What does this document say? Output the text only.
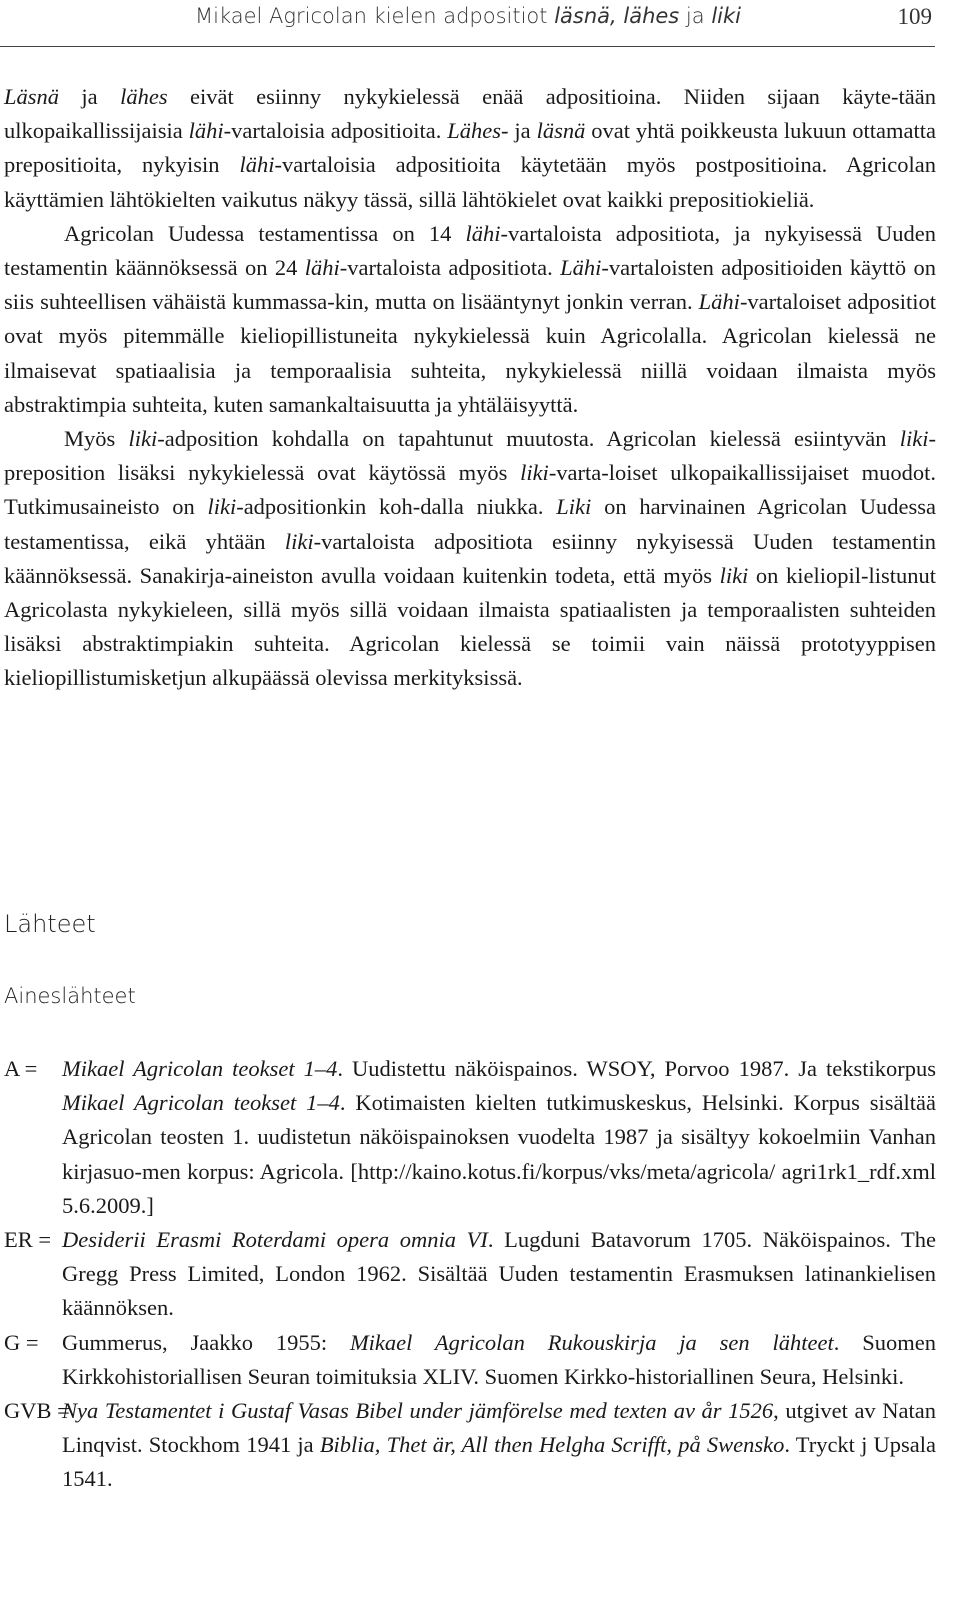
Mikael Agricolan kielen adpositiot läsnä, lähes ja liki	109

Läsnä ja lähes eivät esiinny nykykielessä enää adpositioina. Niiden sijaan käyte-tään ulkopaikallissijaisia lähi-vartaloisia adpositioita. Lähes- ja läsnä ovat yhtä poikkeusta lukuun ottamatta prepositioita, nykyisin lähi-vartaloisia adpositioita käytetään myös postpositioina. Agricolan käyttämien lähtökielten vaikutus näkyy tässä, sillä lähtökielet ovat kaikki prepositiokieliä.

Agricolan Uudessa testamentissa on 14 lähi-vartaloista adpositiota, ja nykyisessä Uuden testamentin käännöksessä on 24 lähi-vartaloista adpositiota. Lähi-vartaloisten adpositioiden käyttö on siis suhteellisen vähäistä kummassa-kin, mutta on lisääntynyt jonkin verran. Lähi-vartaloiset adpositiot ovat myös pitemmälle kieliopillistuneita nykykielessä kuin Agricolalla. Agricolan kielessä ne ilmaisevat spatiaalisia ja temporaalisia suhteita, nykykielessä niillä voidaan ilmaista myös abstraktimpia suhteita, kuten samankaltaisuutta ja yhtäläisyyttä.

Myös liki-adposition kohdalla on tapahtunut muutosta. Agricolan kielessä esiintyvän liki-preposition lisäksi nykykielessä ovat käytössä myös liki-varta-loiset ulkopaikallissijaiset muodot. Tutkimusaineisto on liki-adpositionkin koh-dalla niukka. Liki on harvinainen Agricolan Uudessa testamentissa, eikä yhtään liki-vartaloista adpositiota esiinny nykyisessä Uuden testamentin käännöksessä. Sanakirja-aineiston avulla voidaan kuitenkin todeta, että myös liki on kieliopil-listunut Agricolasta nykykieleen, sillä myös sillä voidaan ilmaista spatiaalisten ja temporaalisten suhteiden lisäksi abstraktimpiakin suhteita. Agricolan kielessä se toimii vain näissä prototyyppisen kieliopillistumisketjun alkupäässä olevissa merkityksissä.

Lähteet
Aineslähteet
A = Mikael Agricolan teokset 1–4. Uudistettu näköispainos. WSOY, Porvoo 1987. Ja tekstikorpus Mikael Agricolan teokset 1–4. Kotimaisten kielten tutkimuskeskus, Helsinki. Korpus sisältää Agricolan teosten 1. uudistetun näköispainoksen vuodelta 1987 ja sisältyy kokoelmiin Vanhan kirjasuo-men korpus: Agricola. [http://kaino.kotus.fi/korpus/vks/meta/agricola/ agri1rk1_rdf.xml 5.6.2009.]
ER = Desiderii Erasmi Roterdami opera omnia VI. Lugduni Batavorum 1705. Näköispainos. The Gregg Press Limited, London 1962. Sisältää Uuden testamentin Erasmuksen latinankielisen käännöksen.
G = Gummerus, Jaakko 1955: Mikael Agricolan Rukouskirja ja sen lähteet. Suomen Kirkkohistoriallisen Seuran toimituksia XLIV. Suomen Kirkko-historiallinen Seura, Helsinki.
GVB =
Nya Testamentet i Gustaf Vasas Bibel under jämförelse med texten av år 1526, utgivet av Natan Linqvist. Stockhom 1941 ja Biblia, Thet är, All then Helgha Scrifft, på Swensko. Tryckt j Upsala 1541.
